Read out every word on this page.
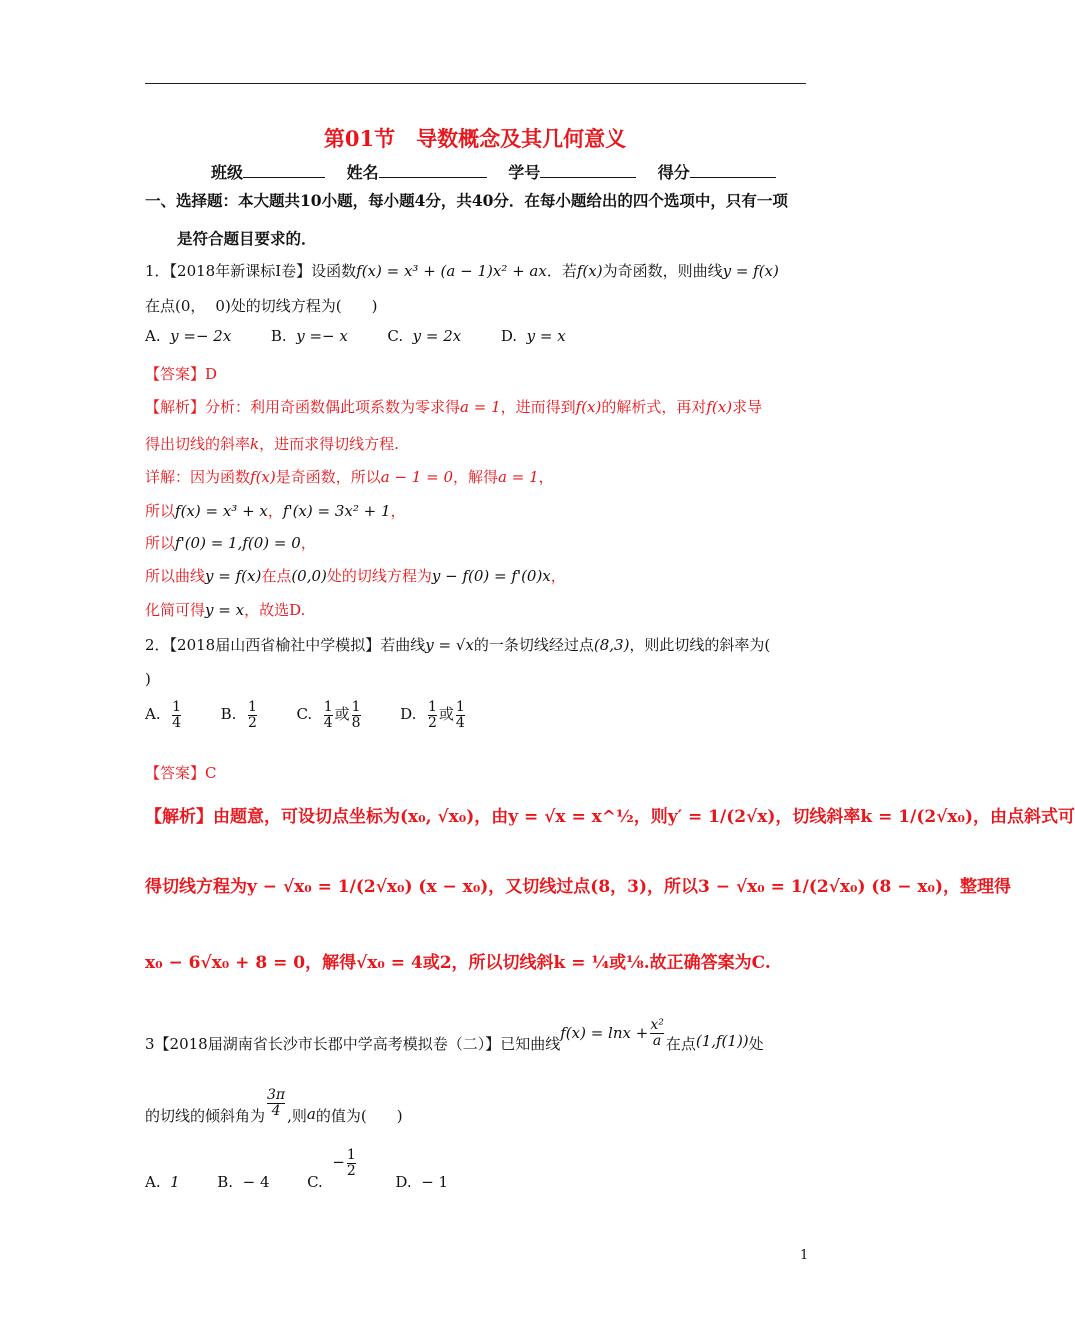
第01节　导数概念及其几何意义
班级	姓名	学号	得分
一、选择题：本大题共10小题，每小题4分，共40分．在每小题给出的四个选项中，只有一项
是符合题目要求的．
1．【2018年新课标I卷】设函数f(x) = x³ + (a − 1)x² + ax．若f(x)为奇函数，则曲线y = f(x)
在点(0， 0)处的切线方程为(　　)
A. y =− 2x	B. y =− x	C. y = 2x	D. y = x
【答案】D
【解析】分析：利用奇函数偶此项系数为零求得a = 1，进而得到f(x)的解析式，再对f(x)求导
得出切线的斜率k，进而求得切线方程.
详解：因为函数f(x)是奇函数，所以a − 1 = 0，解得a = 1，
所以f(x) = x³ + x，f'(x) = 3x² + 1，
所以f'(0) = 1,f(0) = 0，
所以曲线y = f(x)在点(0,0)处的切线方程为y − f(0) = f'(0)x，
化简可得y = x，故选D.
2．【2018届山西省榆社中学模拟】若曲线y = √x的一条切线经过点(8,3)，则此切线的斜率为(
)
A. $\frac{1}{4}$	B. $\frac{1}{2}$	C. $\frac{1}{4}$ 或 $\frac{1}{8}$	D. $\frac{1}{2}$ 或 $\frac{1}{4}$
【答案】C
【解析】由题意，可设切点坐标为(x₀, √x₀)，由y = √x = x^½，则y′ = 1/(2√x)，切线斜率k = 1/(2√x₀)，由点斜式可
得切线方程为y − √x₀ = 1/(2√x₀) (x − x₀)，又切线过点(8，3)，所以3 − √x₀ = 1/(2√x₀) (8 − x₀)，整理得
x₀ − 6√x₀ + 8 = 0，解得√x₀ = 4或2，所以切线斜k = ¼或⅛.故正确答案为C.
3【2018届湖南省长沙市长郡中学高考模拟卷（二）】已知曲线$f(x) = \ln x + \frac{\text{x²}}{a}$ 在点(1,f(1))处
的切线的倾斜角为 $\frac{3\pi}{4}$ ,则a的值为(　　)
A. 1	B. − 4	C.  − $\frac{1}{2}$
D. − 1
1
